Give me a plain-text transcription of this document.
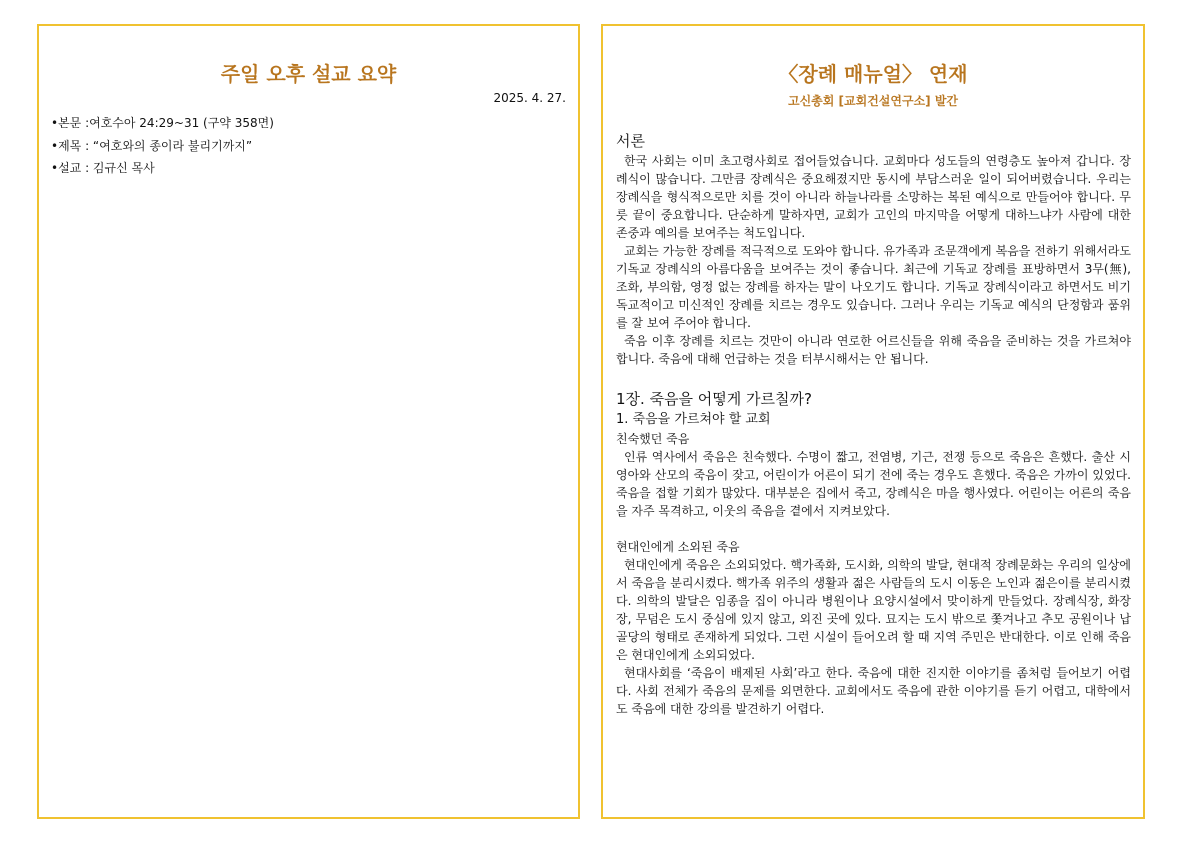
주일 오후 설교 요약
2025. 4. 27.
•본문 :여호수아 24:29~31 (구약 358면)
•제목 : “여호와의 종이라 불리기까지”
•설교 : 김규신 목사
〈장례 매뉴얼〉 연재
고신총회 [교회건설연구소] 발간
서론

한국 사회는 이미 초고령사회로 접어들었습니다. 교회마다 성도들의 연령층도 높아져 갑니다. 장례식이 많습니다. 그만큼 장례식은 중요해졌지만 동시에 부담스러운 일이 되어버렸습니다. 우리는 장례식을 형식적으로만 치를 것이 아니라 하늘나라를 소망하는 복된 예식으로 만들어야 합니다. 무릇 끝이 중요합니다. 단순하게 말하자면, 교회가 고인의 마지막을 어떻게 대하느냐가 사람에 대한 존중과 예의를 보여주는 척도입니다.

교회는 가능한 장례를 적극적으로 도와야 합니다. 유가족과 조문객에게 복음을 전하기 위해서라도 기독교 장례식의 아름다움을 보여주는 것이 좋습니다. 최근에 기독교 장례를 표방하면서 3무(無), 조화, 부의함, 영정 없는 장례를 하자는 말이 나오기도 합니다. 기독교 장례식이라고 하면서도 비기독교적이고 미신적인 장례를 치르는 경우도 있습니다. 그러나 우리는 기독교 예식의 단정함과 품위를 잘 보여 주어야 합니다.

죽음 이후 장례를 치르는 것만이 아니라 연로한 어르신들을 위해 죽음을 준비하는 것을 가르쳐야 합니다. 죽음에 대해 언급하는 것을 터부시해서는 안 됩니다.

1장. 죽음을 어떻게 가르칠까?
1. 죽음을 가르쳐야 할 교회
친숙했던 죽음

인류 역사에서 죽음은 친숙했다. 수명이 짧고, 전염병, 기근, 전쟁 등으로 죽음은 흔했다. 출산 시 영아와 산모의 죽음이 잦고, 어린이가 어른이 되기 전에 죽는 경우도 흔했다. 죽음은 가까이 있었다. 죽음을 접할 기회가 많았다. 대부분은 집에서 죽고, 장례식은 마을 행사였다. 어린이는 어른의 죽음을 자주 목격하고, 이웃의 죽음을 곁에서 지켜보았다.

현대인에게 소외된 죽음

현대인에게 죽음은 소외되었다. 핵가족화, 도시화, 의학의 발달, 현대적 장례문화는 우리의 일상에서 죽음을 분리시켰다. 핵가족 위주의 생활과 젊은 사람들의 도시 이동은 노인과 젊은이를 분리시켰다. 의학의 발달은 임종을 집이 아니라 병원이나 요양시설에서 맞이하게 만들었다. 장례식장, 화장장, 무덤은 도시 중심에 있지 않고, 외진 곳에 있다. 묘지는 도시 밖으로 쫓겨나고 추모 공원이나 납골당의 형태로 존재하게 되었다. 그런 시설이 들어오려 할 때 지역 주민은 반대한다. 이로 인해 죽음은 현대인에게 소외되었다.

현대사회를 ‘죽음이 배제된 사회’라고 한다. 죽음에 대한 진지한 이야기를 좀처럼 들어보기 어렵다. 사회 전체가 죽음의 문제를 외면한다. 교회에서도 죽음에 관한 이야기를 듣기 어렵고, 대학에서도 죽음에 대한 강의를 발견하기 어렵다.
